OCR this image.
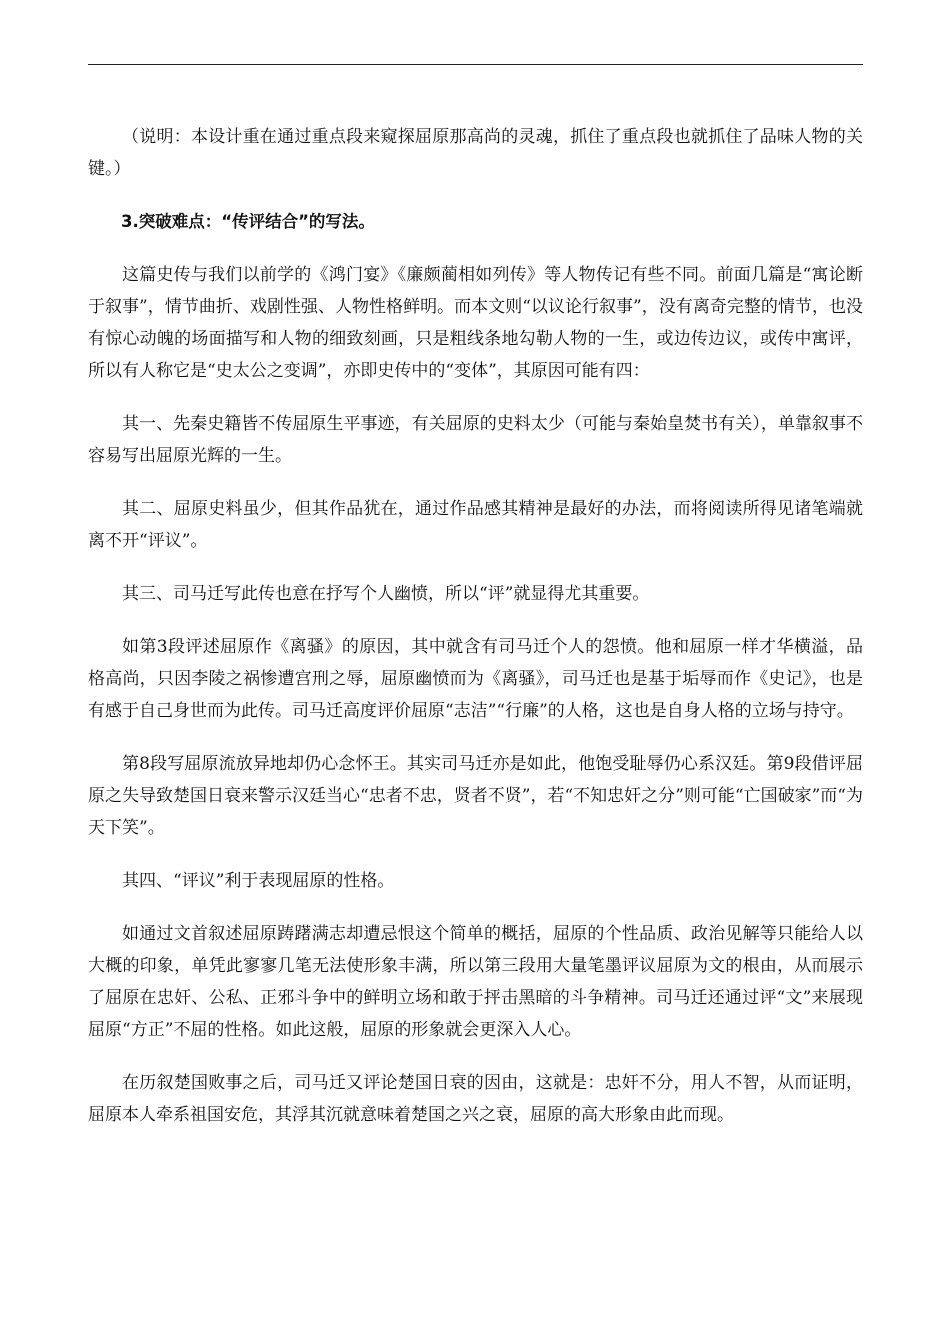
（说明：本设计重在通过重点段来窥探屈原那高尚的灵魂，抓住了重点段也就抓住了品味人物的关键。）

3.突破难点：“传评结合”的写法。

这篇史传与我们以前学的《鸿门宴》《廉颇蔺相如列传》等人物传记有些不同。前面几篇是“寓论断于叙事”，情节曲折、戏剧性强、人物性格鲜明。而本文则“以议论行叙事”，没有离奇完整的情节，也没有惊心动魄的场面描写和人物的细致刻画，只是粗线条地勾勒人物的一生，或边传边议，或传中寓评，所以有人称它是“史太公之变调”，亦即史传中的“变体”，其原因可能有四：

其一、先秦史籍皆不传屈原生平事迹，有关屈原的史料太少（可能与秦始皇焚书有关），单靠叙事不容易写出屈原光辉的一生。

其二、屈原史料虽少，但其作品犹在，通过作品感其精神是最好的办法，而将阅读所得见诸笔端就离不开“评议”。

其三、司马迁写此传也意在抒写个人幽愤，所以“评”就显得尤其重要。

如第3段评述屈原作《离骚》的原因，其中就含有司马迁个人的怨愤。他和屈原一样才华横溢，品格高尚，只因李陵之祸惨遭宫刑之辱，屈原幽愤而为《离骚》，司马迁也是基于垢辱而作《史记》，也是有感于自己身世而为此传。司马迁高度评价屈原“志洁”“行廉”的人格，这也是自身人格的立场与持守。

第8段写屈原流放异地却仍心念怀王。其实司马迁亦是如此，他饱受耻辱仍心系汉廷。第9段借评屈原之失导致楚国日衰来警示汉廷当心“忠者不忠，贤者不贤”，若“不知忠奸之分”则可能“亡国破家”而“为天下笑”。

其四、“评议”利于表现屈原的性格。

如通过文首叙述屈原踌躇满志却遭忌恨这个简单的概括，屈原的个性品质、政治见解等只能给人以大概的印象，单凭此寥寥几笔无法使形象丰满，所以第三段用大量笔墨评议屈原为文的根由，从而展示了屈原在忠奸、公私、正邪斗争中的鲜明立场和敢于抨击黑暗的斗争精神。司马迁还通过评“文”来展现屈原“方正”不屈的性格。如此这般，屈原的形象就会更深入人心。

在历叙楚国败事之后，司马迁又评论楚国日衰的因由，这就是：忠奸不分，用人不智，从而证明，屈原本人牵系祖国安危，其浮其沉就意味着楚国之兴之衰，屈原的高大形象由此而现。
